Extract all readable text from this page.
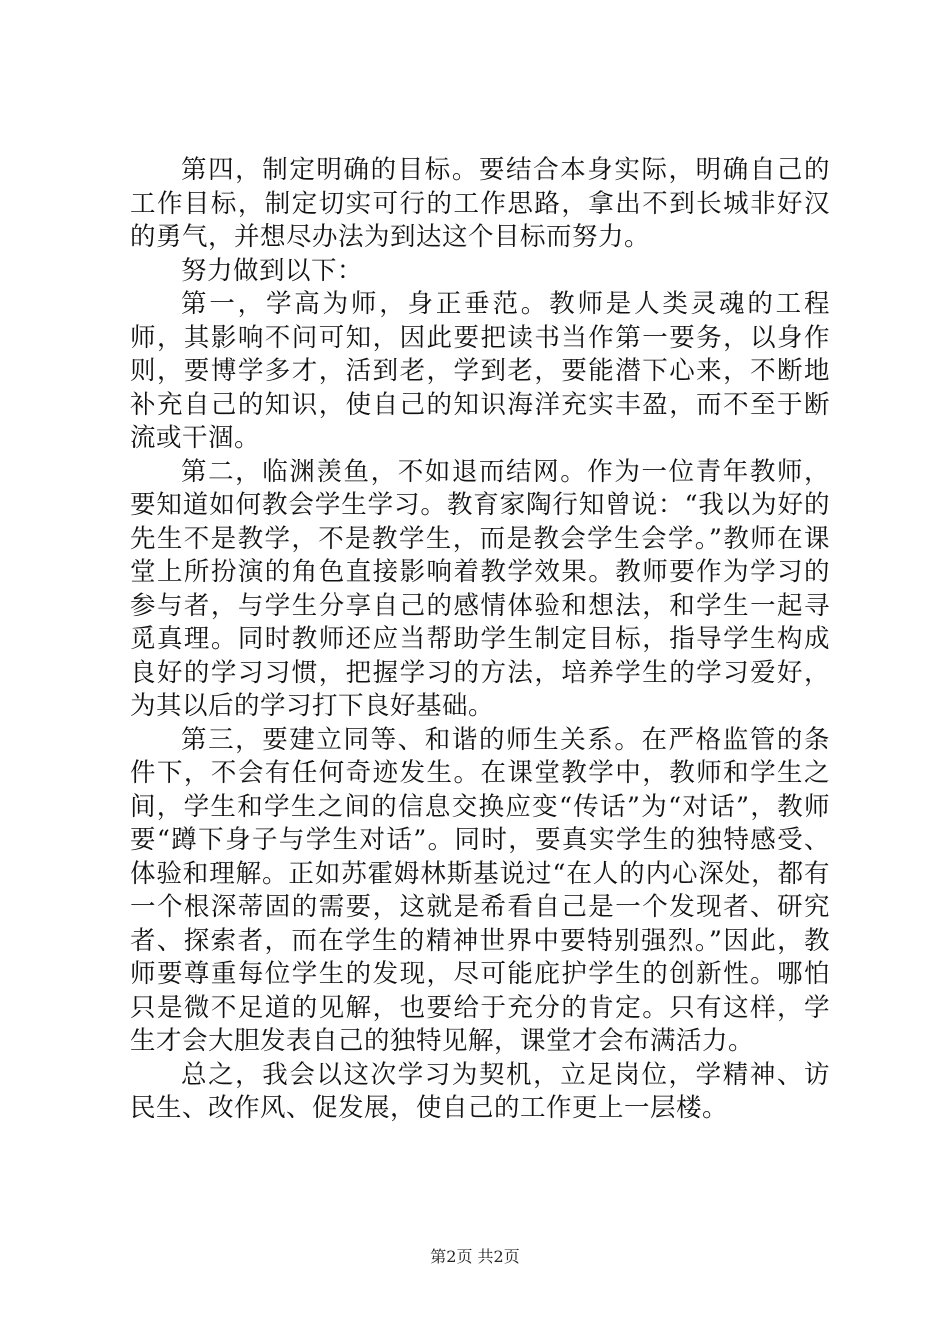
第四，制定明确的目标。要结合本身实际，明确自己的工作目标，制定切实可行的工作思路，拿出不到长城非好汉的勇气，并想尽办法为到达这个目标而努力。

努力做到以下：

第一，学高为师，身正垂范。教师是人类灵魂的工程师，其影响不问可知，因此要把读书当作第一要务，以身作则，要博学多才，活到老，学到老，要能潜下心来，不断地补充自己的知识，使自己的知识海洋充实丰盈，而不至于断流或干涸。

第二，临渊羡鱼，不如退而结网。作为一位青年教师，要知道如何教会学生学习。教育家陶行知曾说：“我以为好的先生不是教学，不是教学生，而是教会学生会学。”教师在课堂上所扮演的角色直接影响着教学效果。教师要作为学习的参与者，与学生分享自己的感情体验和想法，和学生一起寻觅真理。同时教师还应当帮助学生制定目标，指导学生构成良好的学习习惯，把握学习的方法，培养学生的学习爱好，为其以后的学习打下良好基础。

第三，要建立同等、和谐的师生关系。在严格监管的条件下，不会有任何奇迹发生。在课堂教学中，教师和学生之间，学生和学生之间的信息交换应变“传话”为“对话”，教师要“蹲下身子与学生对话”。同时，要真实学生的独特感受、体验和理解。正如苏霍姆林斯基说过“在人的内心深处，都有一个根深蒂固的需要，这就是希看自己是一个发现者、研究者、探索者，而在学生的精神世界中要特别强烈。”因此，教师要尊重每位学生的发现，尽可能庇护学生的创新性。哪怕只是微不足道的见解，也要给于充分的肯定。只有这样，学生才会大胆发表自己的独特见解，课堂才会布满活力。

总之，我会以这次学习为契机，立足岗位，学精神、访民生、改作风、促发展，使自己的工作更上一层楼。

第2页 共2页
